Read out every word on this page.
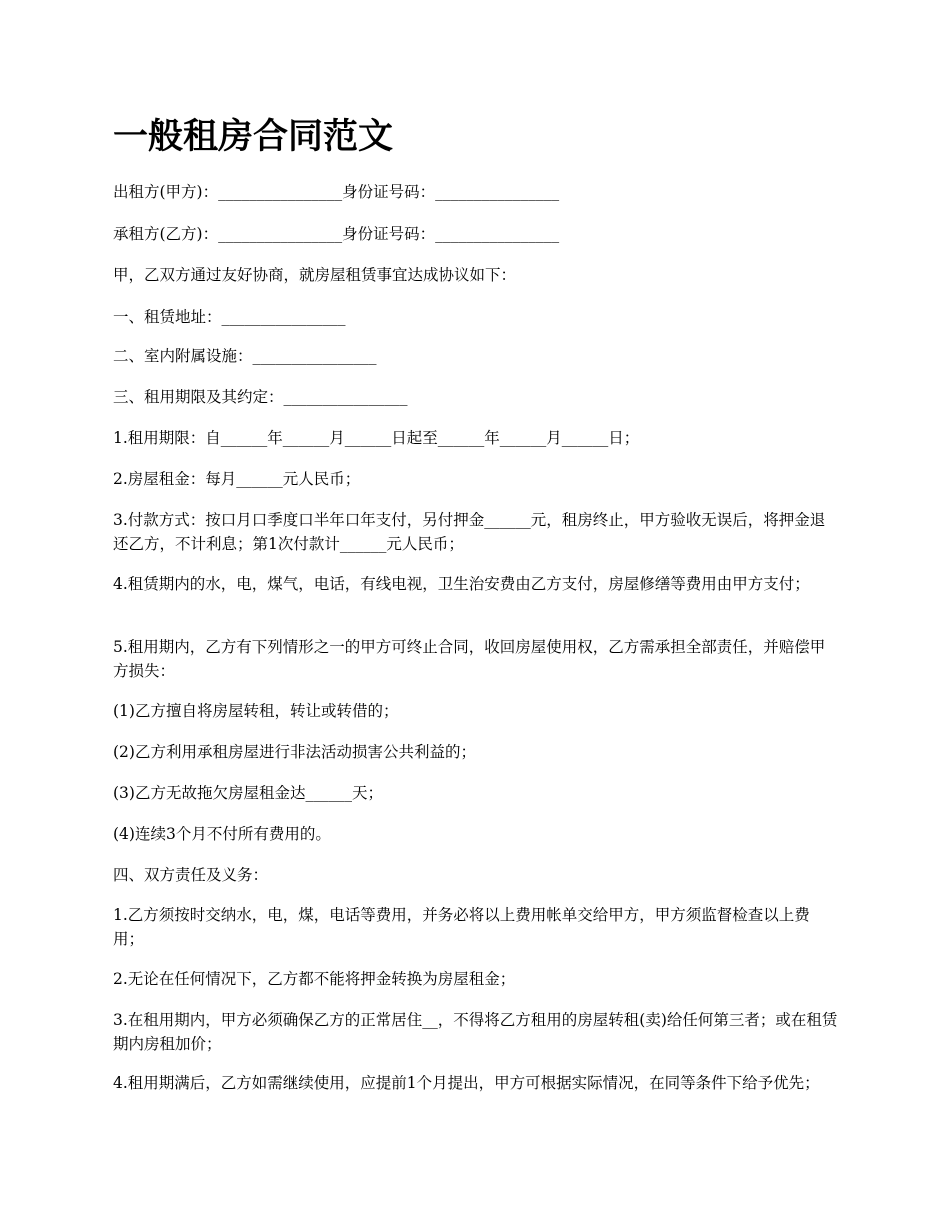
一般租房合同范文

出租方(甲方)：________________身份证号码：________________

承租方(乙方)：________________身份证号码：________________

甲，乙双方通过友好协商，就房屋租赁事宜达成协议如下：

一、租赁地址：________________

二、室内附属设施：________________

三、租用期限及其约定：________________

1.租用期限：自______年______月______日起至______年______月______日；

2.房屋租金：每月______元人民币；

3.付款方式：按口月口季度口半年口年支付，另付押金______元，租房终止，甲方验收无误后，将押金退还乙方，不计利息；第1次付款计______元人民币；

4.租赁期内的水，电，煤气，电话，有线电视，卫生治安费由乙方支付，房屋修缮等费用由甲方支付；

5.租用期内，乙方有下列情形之一的甲方可终止合同，收回房屋使用权，乙方需承担全部责任，并赔偿甲方损失：

(1)乙方擅自将房屋转租，转让或转借的；

(2)乙方利用承租房屋进行非法活动损害公共利益的；

(3)乙方无故拖欠房屋租金达______天；

(4)连续3个月不付所有费用的。

四、双方责任及义务：

1.乙方须按时交纳水，电，煤，电话等费用，并务必将以上费用帐单交给甲方，甲方须监督检查以上费用；

2.无论在任何情况下，乙方都不能将押金转换为房屋租金；

3.在租用期内，甲方必须确保乙方的正常居住__，不得将乙方租用的房屋转租(卖)给任何第三者；或在租赁期内房租加价；

4.租用期满后，乙方如需继续使用，应提前1个月提出，甲方可根据实际情况，在同等条件下给予优先；
